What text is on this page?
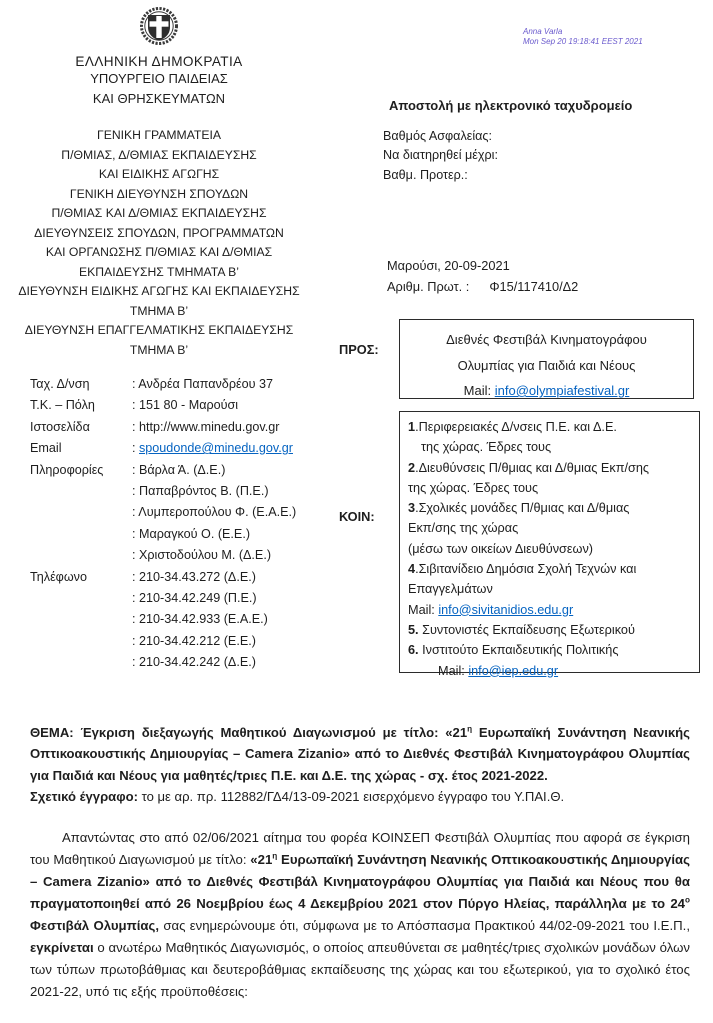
ΕΛΛΗΝΙΚΗ ΔΗΜΟΚΡΑΤΙΑ
ΥΠΟΥΡΓΕΙΟ ΠΑΙΔΕΙΑΣ
ΚΑΙ ΘΡΗΣΚΕΥΜΑΤΩΝ
ΓΕΝΙΚΗ ΓΡΑΜΜΑΤΕΙΑ
Π/ΘΜΙΑΣ, Δ/ΘΜΙΑΣ ΕΚΠΑΙΔΕΥΣΗΣ
ΚΑΙ ΕΙΔΙΚΗΣ ΑΓΩΓΗΣ
ΓΕΝΙΚΗ ΔΙΕΥΘΥΝΣΗ ΣΠΟΥΔΩΝ
Π/ΘΜΙΑΣ ΚΑΙ Δ/ΘΜΙΑΣ ΕΚΠΑΙΔΕΥΣΗΣ
ΔΙΕΥΘΥΝΣΕΙΣ ΣΠΟΥΔΩΝ, ΠΡΟΓΡΑΜΜΑΤΩΝ
ΚΑΙ ΟΡΓΑΝΩΣΗΣ Π/ΘΜΙΑΣ ΚΑΙ Δ/ΘΜΙΑΣ
ΕΚΠΑΙΔΕΥΣΗΣ ΤΜΗΜΑΤΑ Β’
ΔΙΕΥΘΥΝΣΗ ΕΙΔΙΚΗΣ ΑΓΩΓΗΣ ΚΑΙ ΕΚΠΑΙΔΕΥΣΗΣ
ΤΜΗΜΑ Β’
ΔΙΕΥΘΥΝΣΗ ΕΠΑΓΓΕΛΜΑΤΙΚΗΣ ΕΚΠΑΙΔΕΥΣΗΣ
ΤΜΗΜΑ Β’
Anna Varla
Mon Sep 20 19:18:41 EEST 2021
Αποστολή με ηλεκτρονικό ταχυδρομείο
Βαθμός Ασφαλείας:
Να διατηρηθεί μέχρι:
Βαθμ. Προτερ.:
Μαρούσι, 20-09-2021
Αριθμ. Πρωτ. : Φ15/117410/Δ2
Ταχ. Δ/νση	: Ανδρέα Παπανδρέου 37
Τ.Κ. – Πόλη	: 151 80 - Μαρούσι
Ιστοσελίδα	: http://www.minedu.gov.gr
Email	: spoudonde@minedu.gov.gr
Πληροφορίες : Βάρλα Ά. (Δ.Ε.)
: Παπαβρόντος Β. (Π.Ε.)
: Λυμπεροπούλου Φ. (Ε.Α.Ε.)
: Μαραγκού Ο. (Ε.Ε.)
: Χριστοδούλου Μ. (Δ.Ε.)
Τηλέφωνο	: 210-34.43.272 (Δ.Ε.)
: 210-34.42.249 (Π.Ε.)
: 210-34.42.933 (Ε.Α.Ε.)
: 210-34.42.212 (Ε.Ε.)
: 210-34.42.242 (Δ.Ε.)
ΠΡΟΣ:
Διεθνές Φεστιβάλ Κινηματογράφου
Ολυμπίας για Παιδιά και Νέους
Mail: info@olympiafestival.gr
ΚΟΙΝ:
1.Περιφερειακές Δ/νσεις Π.Ε. και Δ.Ε.
της χώρας. Έδρες τους
2.Διευθύνσεις Π/θμιας και Δ/θμιας Εκπ/σης
της χώρας. Έδρες τους
3.Σχολικές μονάδες Π/θμιας και Δ/θμιας
Εκπ/σης της χώρας
(μέσω των οικείων Διευθύνσεων)
4.Σιβιτανίδειο Δημόσια Σχολή Τεχνών και
Επαγγελμάτων
Mail: info@sivitanidios.edu.gr
5. Συντονιστές Εκπαίδευσης Εξωτερικού
6. Ινστιτούτο Εκπαιδευτικής Πολιτικής
Mail: info@iep.edu.gr

ΘΕΜΑ: Έγκριση διεξαγωγής Μαθητικού Διαγωνισμού με τίτλο: «$21^\eta$ Ευρωπαϊκή Συνάντηση Νεανικής Οπτικοακουστικής Δημιουργίας – Camera Zizanio» από το Διεθνές Φεστιβάλ Κινηματογράφου Ολυμπίας για Παιδιά και Νέους για μαθητές/τριες Π.Ε. και Δ.Ε. της χώρας - σχ. έτος 2021-2022.

Σχετικό έγγραφο: το με αρ. πρ. 112882/ΓΔ4/13-09-2021 εισερχόμενο έγγραφο του Υ.ΠΑΙ.Θ.

Απαντώντας στο από 02/06/2021 αίτημα του φορέα ΚΟΙΝΣΕΠ Φεστιβάλ Ολυμπίας που αφορά σε έγκριση του Μαθητικού Διαγωνισμού με τίτλο: «$21^\eta$ Ευρωπαϊκή Συνάντηση Νεανικής Οπτικοακουστικής Δημιουργίας – Camera Zizanio» από το Διεθνές Φεστιβάλ Κινηματογράφου Ολυμπίας για Παιδιά και Νέους που θα πραγματοποιηθεί από 26 Νοεμβρίου έως 4 Δεκεμβρίου 2021 στον Πύργο Ηλείας, παράλληλα με το $24^o$ Φεστιβάλ Ολυμπίας, σας ενημερώνουμε ότι, σύμφωνα με το Απόσπασμα Πρακτικού 44/02-09-2021 του Ι.Ε.Π., εγκρίνεται ο ανωτέρω Μαθητικός Διαγωνισμός, ο οποίος απευθύνεται σε μαθητές/τριες σχολικών μονάδων όλων των τύπων πρωτοβάθμιας και δευτεροβάθμιας εκπαίδευσης της χώρας και του εξωτερικού, για το σχολικό έτος 2021-22, υπό τις εξής προϋποθέσεις:
